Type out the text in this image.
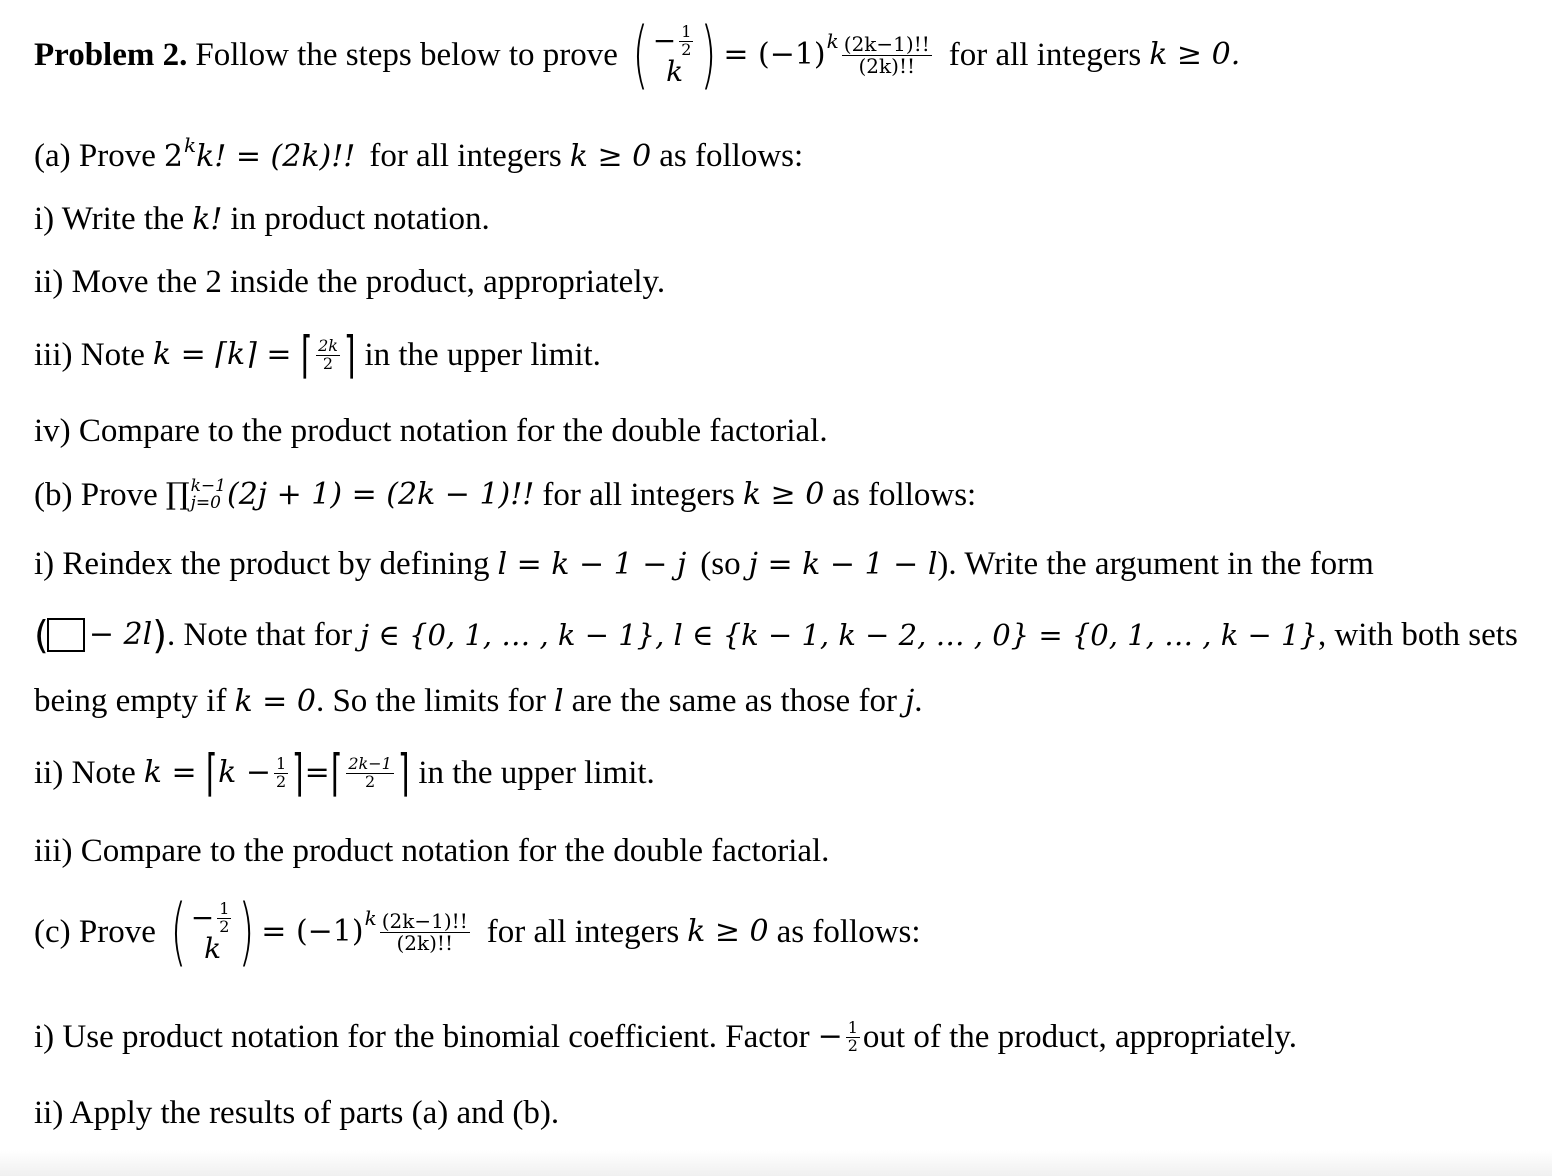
Problem 2. Follow the steps below to prove ( − $\frac{1}{2}$
k ) = (−1) k $\frac{(2k-1)!!}{(2k)!!}$ for all integers k ≥ 0.
(a) Prove $2^kk$! = (2k)!! for all integers k ≥ 0 as follows:
i) Write the k! in product notation.
ii) Move the 2 inside the product, appropriately.
iii) Note k = ⌈k⌉ = ⌈ $\frac{2k}{2}$ ⌉ in the upper limit.
iv) Compare to the product notation for the double factorial.
(b) Prove ∏ k−1
j=0 (2j + 1) = (2k − 1)!! for all integers k ≥ 0 as follows:
i) Reindex the product by defining l = k − 1 − j (so j = k − 1 − l ). Write the argument in the form
( − 2l ) . Note that for j ∈ {0, 1, … , k − 1}, l ∈ {k − 1, k − 2, … , 0} = {0, 1, … , k − 1} , with both sets
being empty if k = 0 . So the limits for l are the same as those for j .
ii) Note k = ⌈ $k - \frac{1}{2}$ ⌉ = ⌈ $\frac{2k-1}{2}$ ⌉ in the upper limit.
iii) Compare to the product notation for the double factorial.
(c) Prove ( − $\frac{1}{2}$
k ) = (−1) k $\frac{(2k-1)!!}{(2k)!!}$ for all integers k ≥ 0 as follows:
i) Use product notation for the binomial coefficient. Factor − $\frac{1}{2}$ out of the product, appropriately.
ii) Apply the results of parts (a) and (b).
